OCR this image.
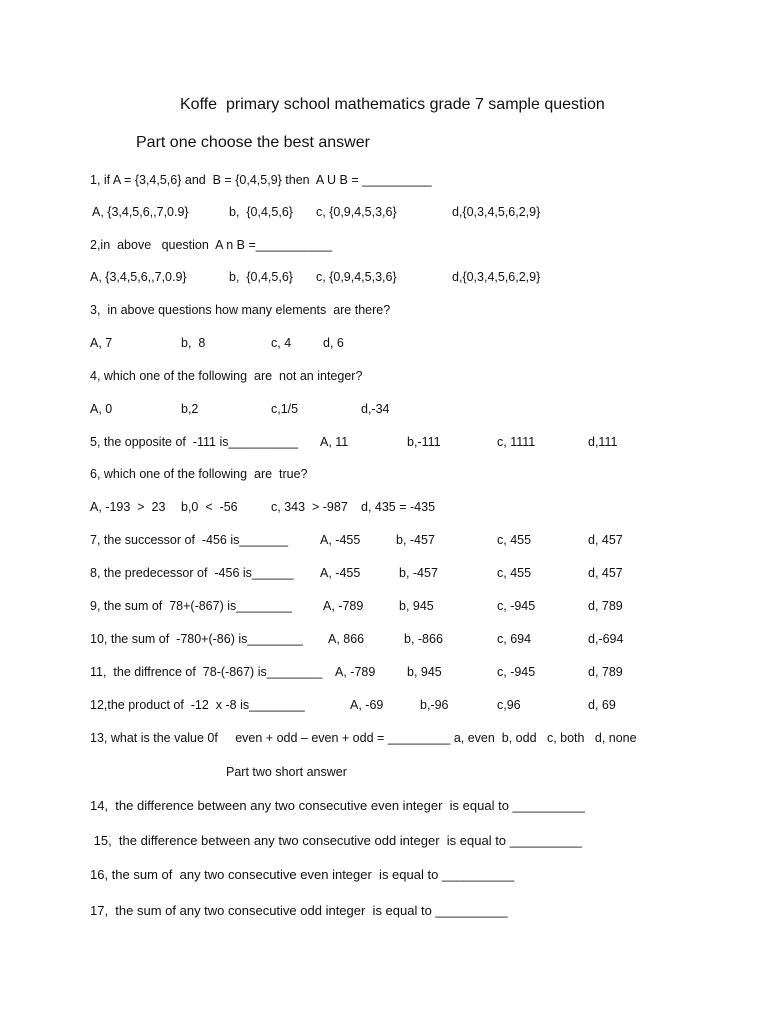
Koffe  primary school mathematics grade 7 sample question
Part one choose the best answer
1, if A = {3,4,5,6} and  B = {0,4,5,9} then  A U B = __________
A, {3,4,5,6,,7,0.9}	b,  {0,4,5,6} c, {0,9,4,5,3,6}	d,{0,3,4,5,6,2,9}
2,in  above   question  A n B =___________
A, {3,4,5,6,,7,0.9}	b,  {0,4,5,6} c, {0,9,4,5,3,6}	d,{0,3,4,5,6,2,9}
3,  in above questions how many elements  are there?
A, 7	b,  8	c, 4	d, 6
4, which one of the following  are  not an integer?
A, 0	b,2	c,1/5	d,-34
5, the opposite of  -111 is__________ A, 11	b,-111	c, 1111	d,111
6, which one of the following  are  true?
A, -193  >  23 b,0  <  -56	c, 343  > -987 d, 435 = -435
7, the successor of  -456 is_______	A, -455	b, -457	c, 455	d, 457
8, the predecessor of  -456 is______ A, -455	b, -457	c, 455	d, 457
9, the sum of  78+(-867) is________ A, -789	b, 945	c, -945	d, 789
10, the sum of  -780+(-86) is________ A, 866	b, -866	c, 694	d,-694
11,  the diffrence of  78-(-867) is________ A, -789	b, 945	c, -945	d, 789
12,the product of  -12  x -8 is________	A, -69	b,-96	c,96	d, 69
13, what is the value 0f     even + odd – even + odd = _________ a, even  b, odd   c, both   d, none
Part two short answer
14,  the difference between any two consecutive even integer  is equal to __________
15,  the difference between any two consecutive odd integer  is equal to __________
16, the sum of  any two consecutive even integer  is equal to __________
17,  the sum of any two consecutive odd integer  is equal to __________
